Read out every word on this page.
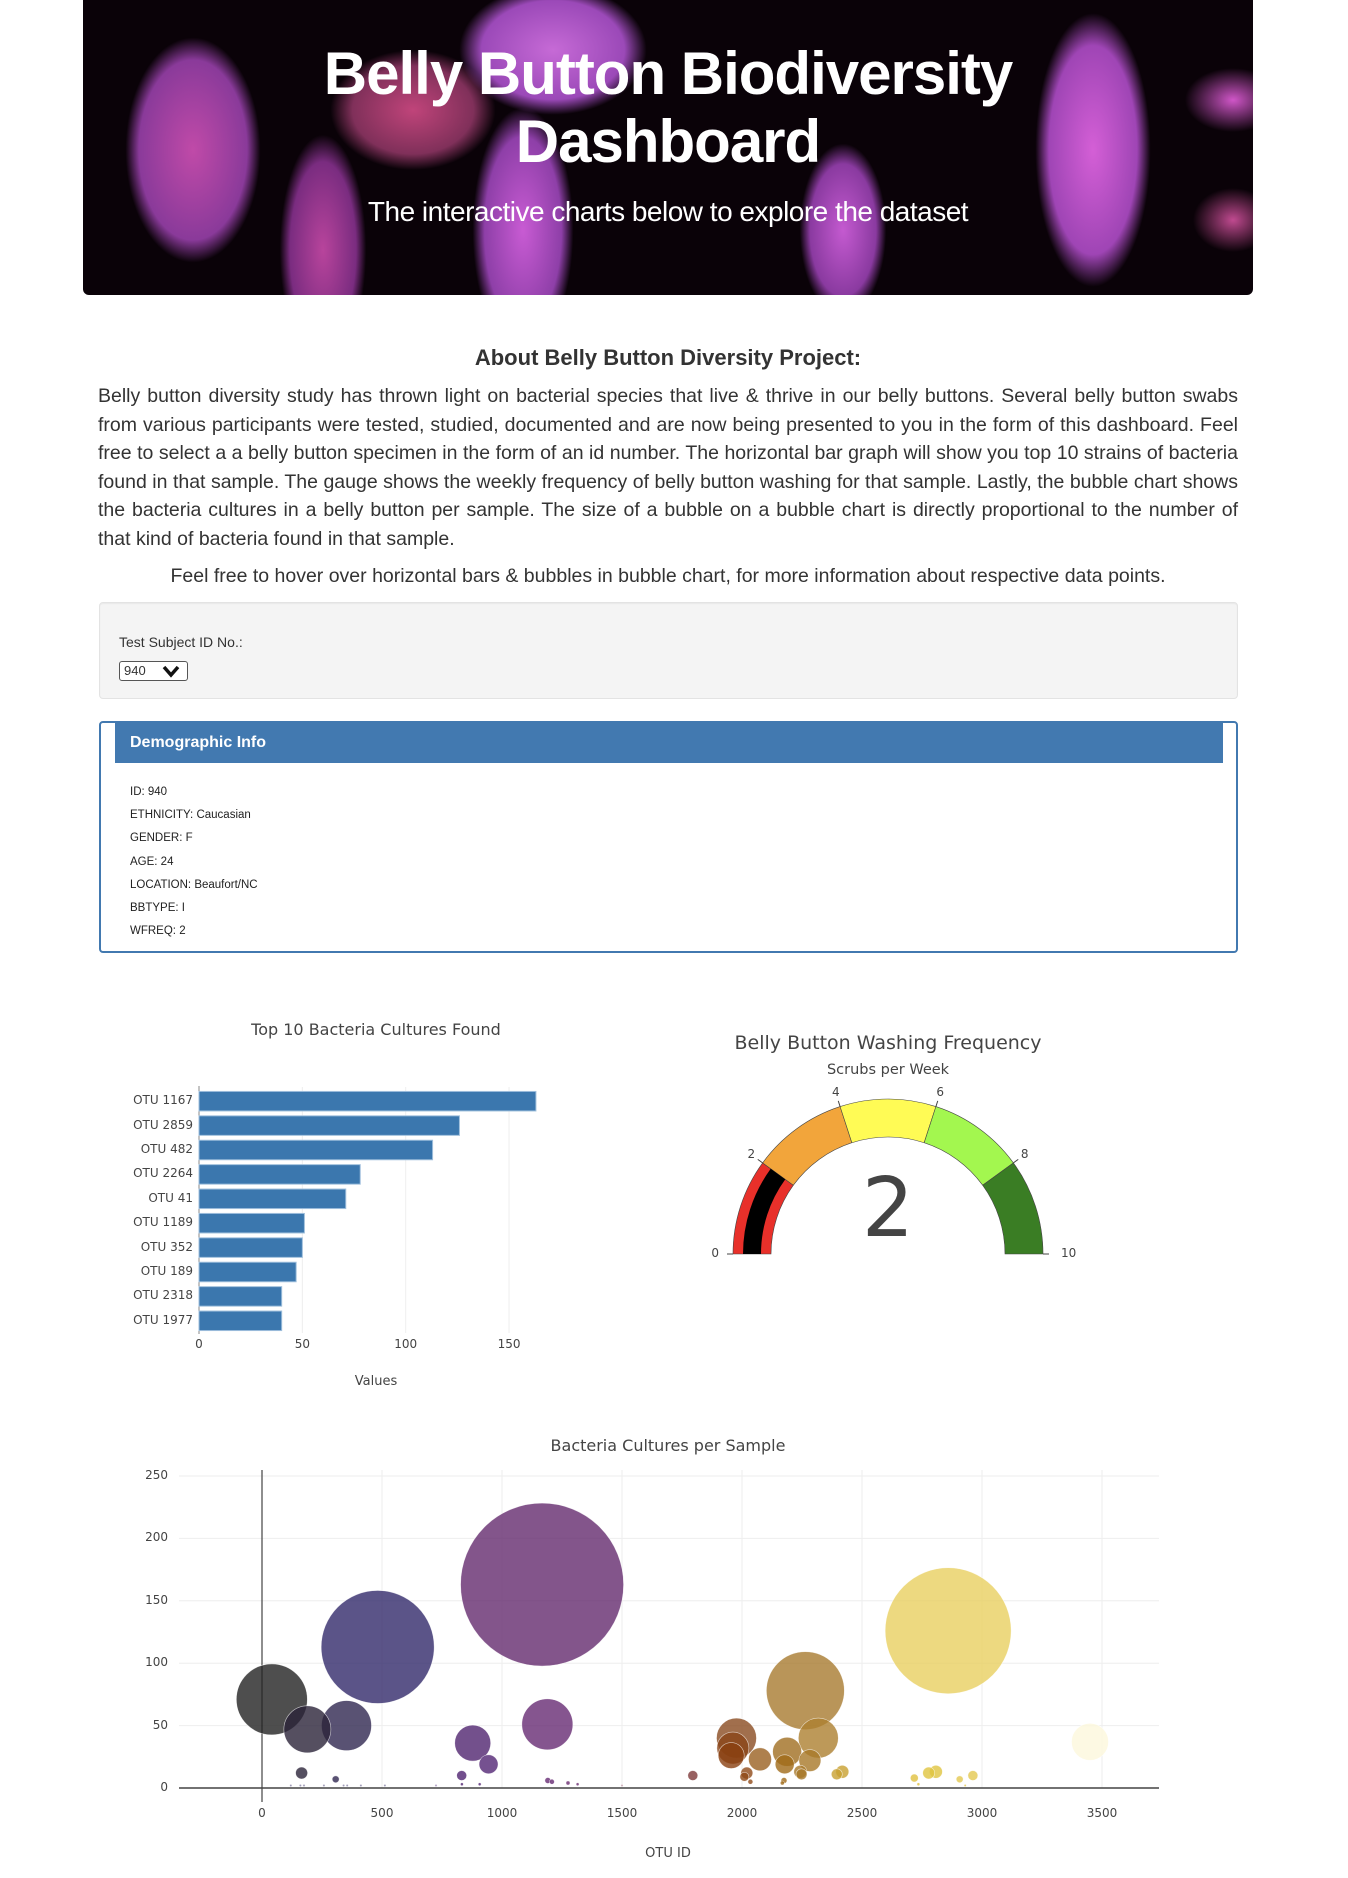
Belly Button Biodiversity
Dashboard
The interactive charts below to explore the dataset
About Belly Button Diversity Project:
Belly button diversity study has thrown light on bacterial species that live & thrive in our belly buttons. Several belly button swabs from various participants were tested, studied, documented and are now being presented to you in the form of this dashboard. Feel free to select a a belly button specimen in the form of an id number. The horizontal bar graph will show you top 10 strains of bacteria found in that sample. The gauge shows the weekly frequency of belly button washing for that sample. Lastly, the bubble chart shows the bacteria cultures in a belly button per sample. The size of a bubble on a bubble chart is directly proportional to the number of that kind of bacteria found in that sample.
Feel free to hover over horizontal bars & bubbles in bubble chart, for more information about respective data points.
Test Subject ID No.:
940
Demographic Info
ID: 940
ETHNICITY: Caucasian
GENDER: F
AGE: 24
LOCATION: Beaufort/NC
BBTYPE: I
WFREQ: 2
Top 10 Bacteria Cultures Found
OTU 1167
OTU 2859
OTU 482
OTU 2264
OTU 41
OTU 1189
OTU 352
OTU 189
OTU 2318
OTU 1977
0	50	100	150
Values
Belly Button Washing Frequency
Scrubs per Week
0
2
4	6
8
10
2
Bacteria Cultures per Sample
0
50
100
150
200
250
0	500	1000	1500	2000	2500	3000	3500
OTU ID
